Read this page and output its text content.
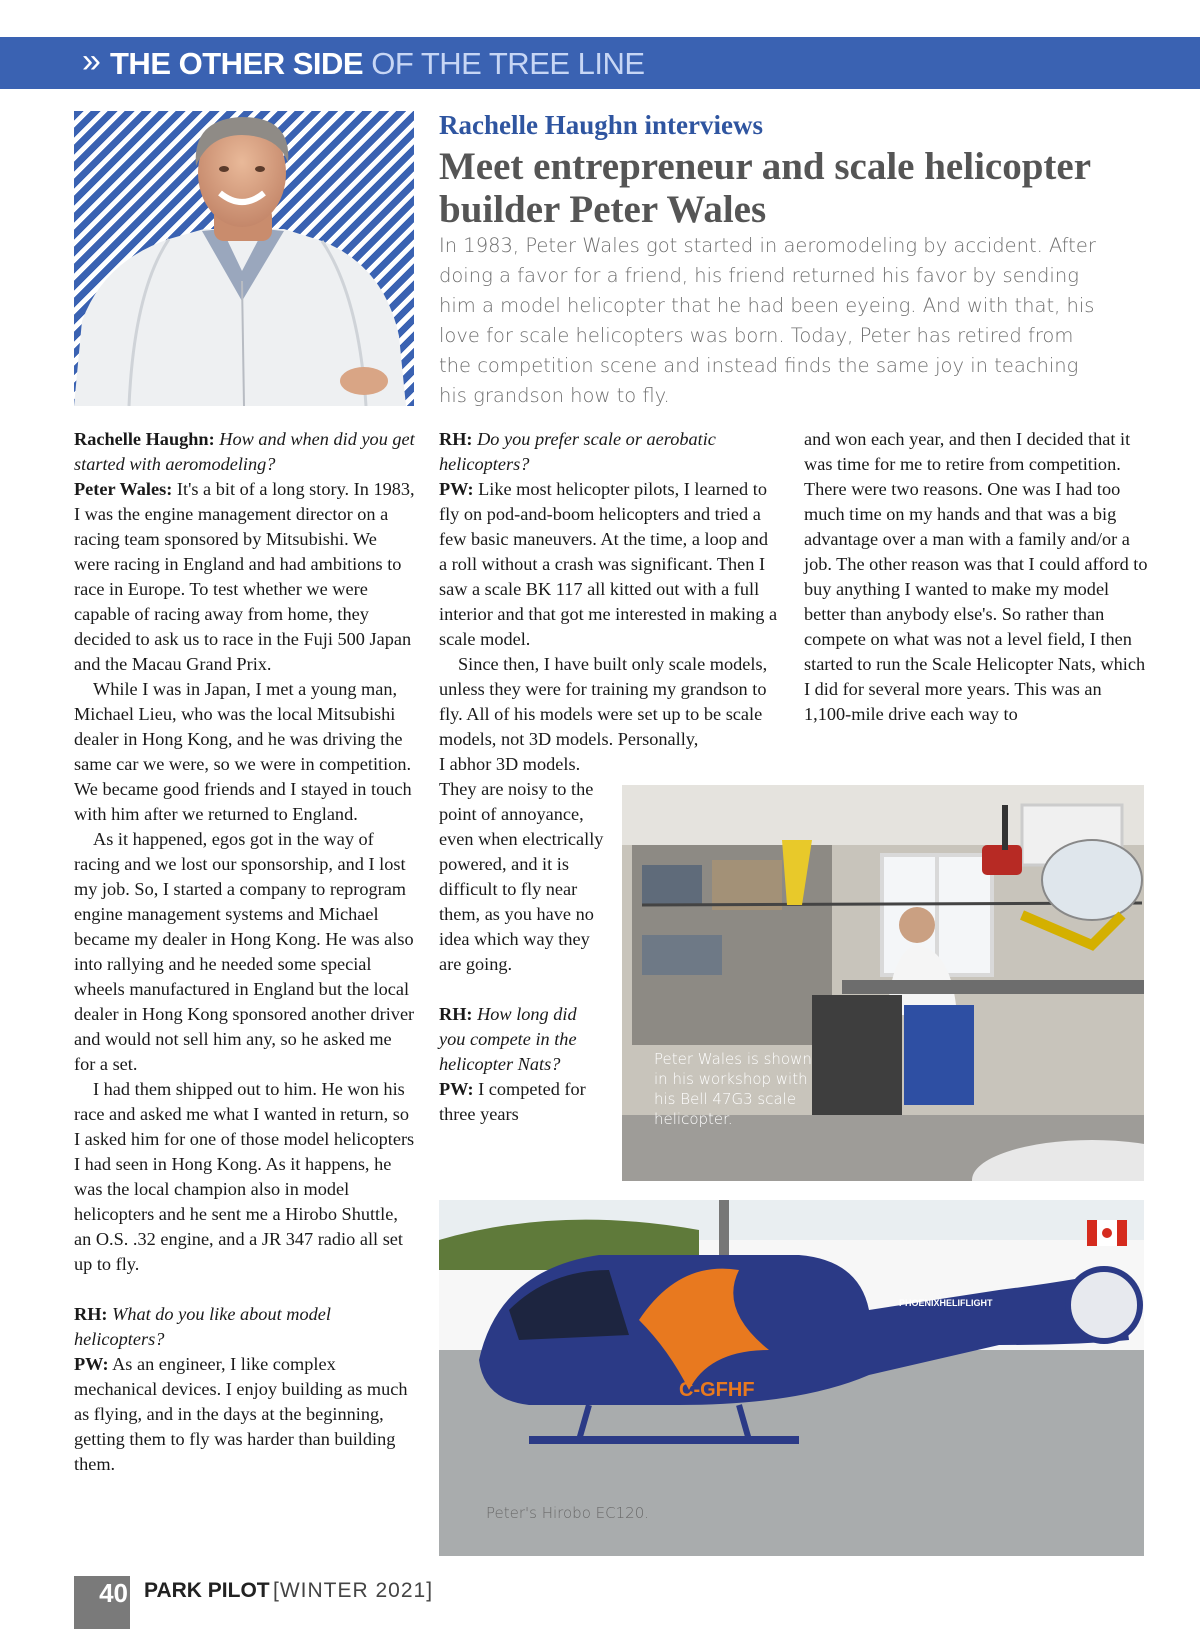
» THE OTHER SIDE OF THE TREE LINE
Rachelle Haughn interviews
Meet entrepreneur and scale helicopter builder Peter Wales
In 1983, Peter Wales got started in aeromodeling by accident. After doing a favor for a friend, his friend returned his favor by sending him a model helicopter that he had been eyeing. And with that, his love for scale helicopters was born. Today, Peter has retired from the competition scene and instead finds the same joy in teaching his grandson how to fly.

Rachelle Haughn: How and when did you get started with aeromodeling?

Peter Wales: It's a bit of a long story. In 1983, I was the engine management director on a racing team sponsored by Mitsubishi. We were racing in England and had ambitions to race in Europe. To test whether we were capable of racing away from home, they decided to ask us to race in the Fuji 500 Japan and the Macau Grand Prix.

While I was in Japan, I met a young man, Michael Lieu, who was the local Mitsubishi dealer in Hong Kong, and he was driving the same car we were, so we were in competition. We became good friends and I stayed in touch with him after we returned to England.

As it happened, egos got in the way of racing and we lost our sponsorship, and I lost my job. So, I started a company to reprogram engine management systems and Michael became my dealer in Hong Kong. He was also into rallying and he needed some special wheels manufactured in England but the local dealer in Hong Kong sponsored another driver and would not sell him any, so he asked me for a set.

I had them shipped out to him. He won his race and asked me what I wanted in return, so I asked him for one of those model helicopters I had seen in Hong Kong. As it happens, he was the local champion also in model helicopters and he sent me a Hirobo Shuttle, an O.S. .32 engine, and a JR 347 radio all set up to fly.

RH: What do you like about model helicopters?

PW: As an engineer, I like complex mechanical devices. I enjoy building as much as flying, and in the days at the beginning, getting them to fly was harder than building them.

RH: Do you prefer scale or aerobatic helicopters?

PW: Like most helicopter pilots, I learned to fly on pod-and-boom helicopters and tried a few basic maneuvers. At the time, a loop and a roll without a crash was significant. Then I saw a scale BK 117 all kitted out with a full interior and that got me interested in making a scale model.

Since then, I have built only scale models, unless they were for training my grandson to fly. All of his models were set up to be scale models, not 3D models. Personally,

I abhor 3D models. They are noisy to the point of annoyance, even when electrically powered, and it is difficult to fly near them, as you have no idea which way they are going.

RH: How long did you compete in the helicopter Nats?

PW: I competed for three years

and won each year, and then I decided that it was time for me to retire from competition. There were two reasons. One was I had too much time on my hands and that was a big advantage over a man with a family and/or a job. The other reason was that I could afford to buy anything I wanted to make my model better than anybody else's. So rather than compete on what was not a level field, I then started to run the Scale Helicopter Nats, which I did for several more years. This was an 1,100-mile drive each way to

Peter Wales is shown in his workshop with his Bell 47G3 scale helicopter.
C-GFHF
PHOENIXHELIFLIGHT
Peter's Hirobo EC120.
40 PARK PILOT [WINTER 2021]
